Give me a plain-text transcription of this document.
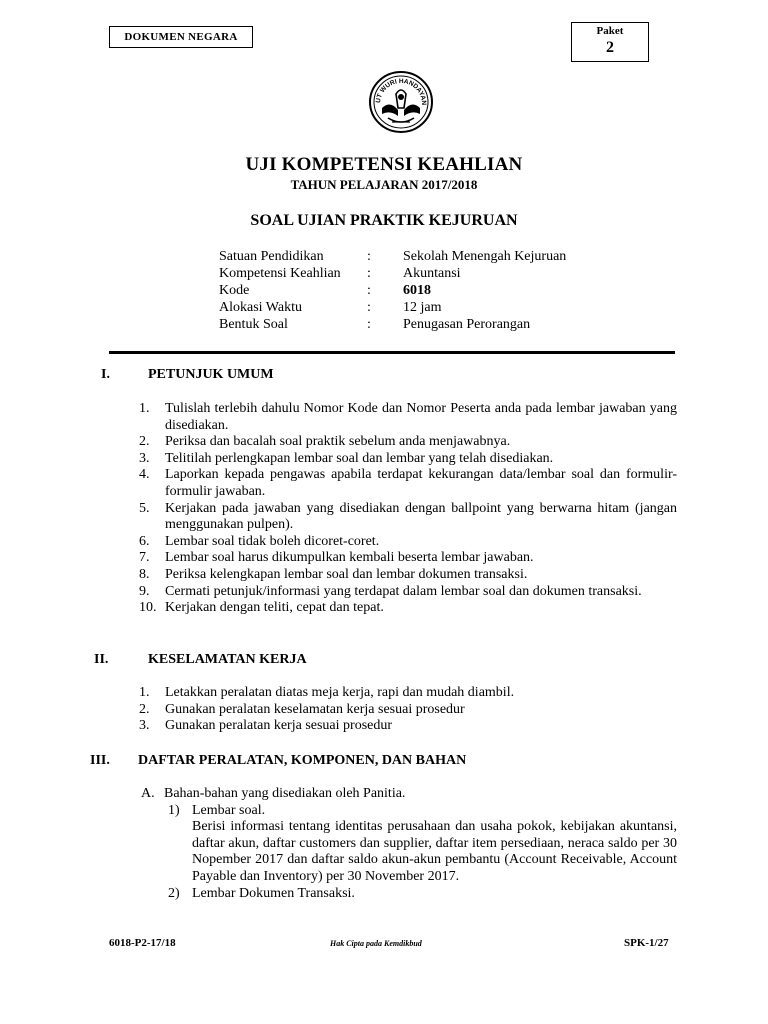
DOKUMEN NEGARA	Paket
2
UT WURI HANDAYAN
UJI KOMPETENSI KEAHLIAN
TAHUN PELAJARAN 2017/2018
SOAL UJIAN PRAKTIK KEJURUAN
Satuan Pendidikan	: Sekolah Menengah Kejuruan
Kompetensi Keahlian : Akuntansi
Kode	: 6018
Alokasi Waktu	: 12 jam
Bentuk Soal	: Penugasan Perorangan
I.	PETUNJUK UMUM
1.	Tulislah terlebih dahulu Nomor Kode dan Nomor Peserta anda pada lembar jawaban yang disediakan.
2.	Periksa dan bacalah soal praktik sebelum anda menjawabnya.
3.	Telitilah perlengkapan lembar soal dan lembar yang telah disediakan.
4.	Laporkan kepada pengawas apabila terdapat kekurangan data/lembar soal dan formulir-formulir jawaban.
5.	Kerjakan pada jawaban yang disediakan dengan ballpoint yang berwarna hitam (jangan menggunakan pulpen).
6.	Lembar soal tidak boleh dicoret-coret.
7.	Lembar soal harus dikumpulkan kembali beserta lembar jawaban.
8.	Periksa kelengkapan lembar soal dan lembar dokumen transaksi.
9.	Cermati petunjuk/informasi yang terdapat dalam lembar soal dan dokumen transaksi.
10. Kerjakan dengan teliti, cepat dan tepat.
II.	KESELAMATAN KERJA
1.	Letakkan peralatan diatas meja kerja, rapi dan mudah diambil.
2.	Gunakan peralatan keselamatan kerja sesuai prosedur
3.	Gunakan peralatan kerja sesuai prosedur
III. DAFTAR PERALATAN, KOMPONEN, DAN BAHAN
A. Bahan-bahan yang disediakan oleh Panitia.
1) Lembar soal.
Berisi informasi tentang identitas perusahaan dan usaha pokok, kebijakan akuntansi, daftar akun, daftar customers dan supplier, daftar item persediaan, neraca saldo per 30 Nopember 2017 dan daftar saldo akun-akun pembantu (Account Receivable, Account Payable dan Inventory) per 30 November 2017.
2) Lembar Dokumen Transaksi.
6018-P2-17/18	Hak Cipta pada Kemdikbud	SPK-1/27
